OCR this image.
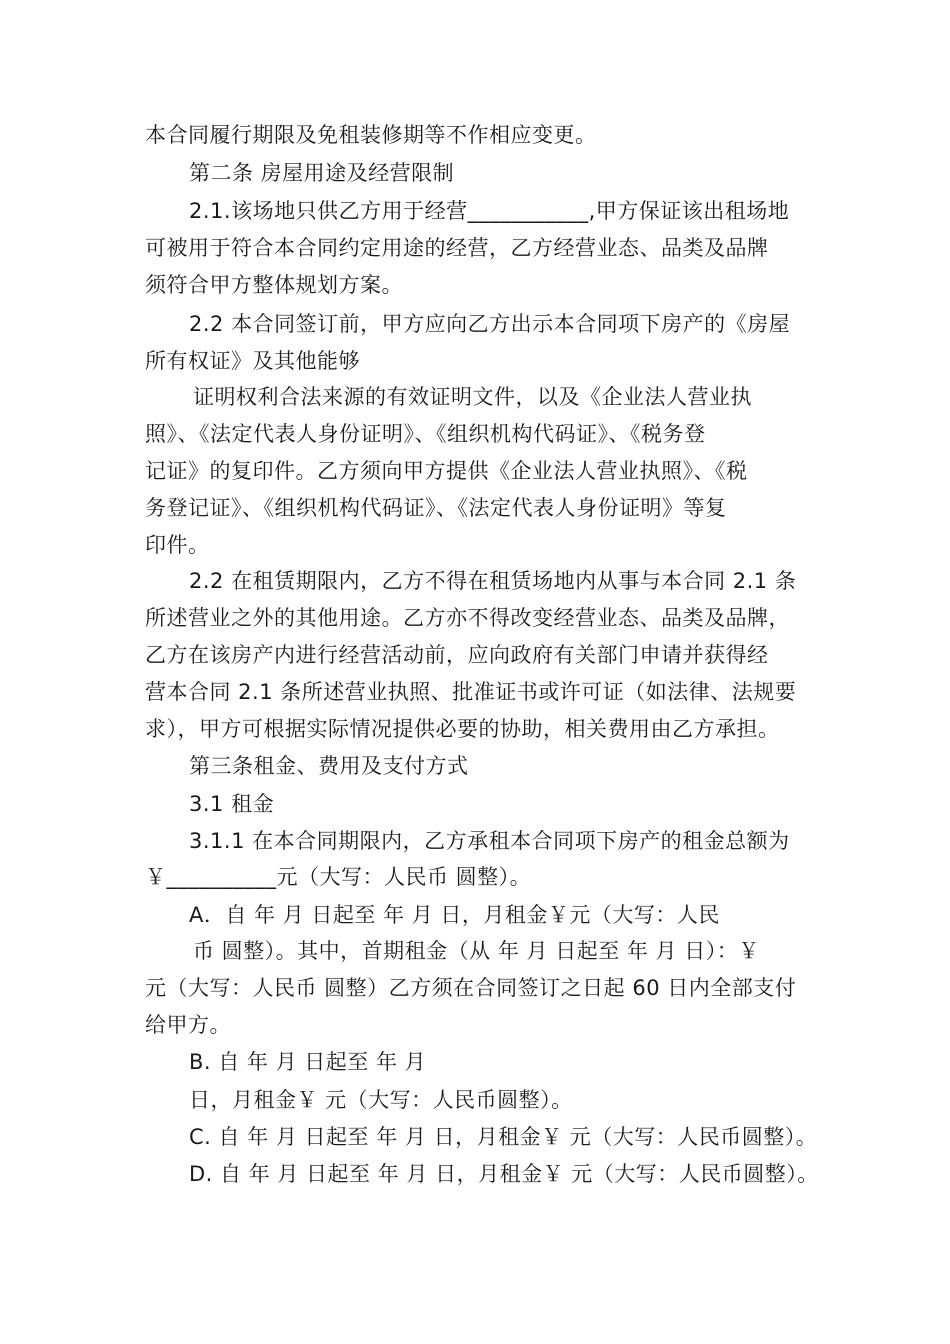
本合同履行期限及免租装修期等不作相应变更。
第二条 房屋用途及经营限制
2.1.该场地只供乙方用于经营___________,甲方保证该出租场地
可被用于符合本合同约定用途的经营，乙方经营业态、品类及品牌
须符合甲方整体规划方案。
2.2 本合同签订前，甲方应向乙方出示本合同项下房产的《房屋
所有权证》及其他能够
证明权利合法来源的有效证明文件，以及《企业法人营业执
照》、《法定代表人身份证明》、《组织机构代码证》、《税务登
记证》的复印件。乙方须向甲方提供《企业法人营业执照》、《税
务登记证》、《组织机构代码证》、《法定代表人身份证明》等复
印件。
2.2 在租赁期限内，乙方不得在租赁场地内从事与本合同 2.1 条
所述营业之外的其他用途。乙方亦不得改变经营业态、品类及品牌，
乙方在该房产内进行经营活动前，应向政府有关部门申请并获得经
营本合同 2.1 条所述营业执照、批准证书或许可证（如法律、法规要
求），甲方可根据实际情况提供必要的协助，相关费用由乙方承担。
第三条租金、费用及支付方式
3.1 租金
3.1.1 在本合同期限内，乙方承租本合同项下房产的租金总额为
￥__________元（大写：人民币 圆整）。
A．自 年 月 日起至 年 月 日，月租金￥元（大写：人民
币 圆整）。其中，首期租金（从 年 月 日起至 年 月 日）：￥
元（大写：人民币 圆整）乙方须在合同签订之日起 60 日内全部支付
给甲方。
B. 自 年 月 日起至 年 月
日，月租金￥ 元（大写：人民币圆整）。
C. 自 年 月 日起至 年 月 日，月租金￥ 元（大写：人民币圆整）。
D. 自 年 月 日起至 年 月 日，月租金￥ 元（大写：人民币圆整）。
